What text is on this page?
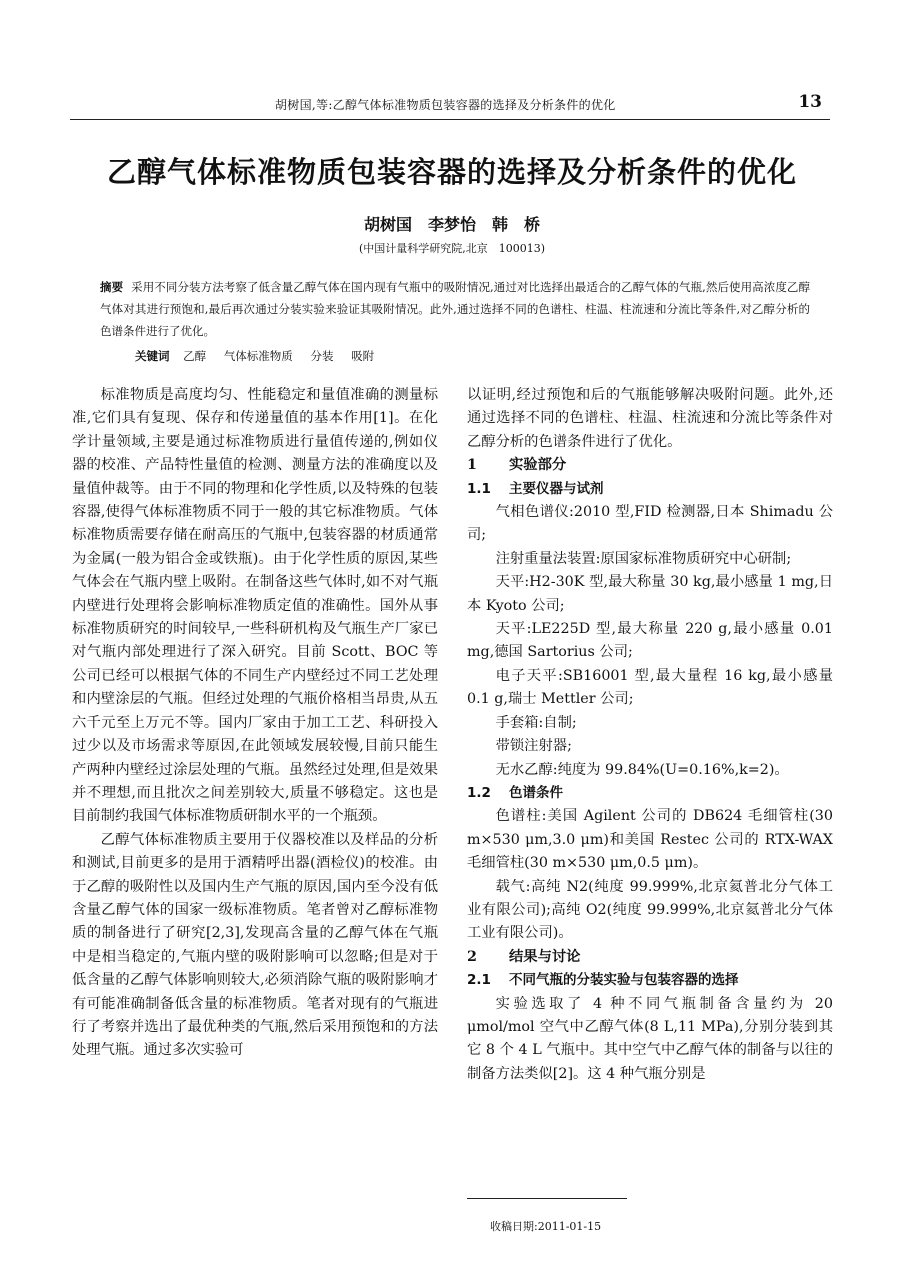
胡树国,等:乙醇气体标准物质包装容器的选择及分析条件的优化	13
乙醇气体标准物质包装容器的选择及分析条件的优化
胡树国　李梦怡　韩　桥
(中国计量科学研究院,北京　100013)
摘要 采用不同分装方法考察了低含量乙醇气体在国内现有气瓶中的吸附情况,通过对比选择出最适合的乙醇气体的气瓶,然后使用高浓度乙醇气体对其进行预饱和,最后再次通过分装实验来验证其吸附情况。此外,通过选择不同的色谱柱、柱温、柱流速和分流比等条件,对乙醇分析的色谱条件进行了优化。
关键词 乙醇 气体标准物质 分装 吸附

标准物质是高度均匀、性能稳定和量值准确的测量标准,它们具有复现、保存和传递量值的基本作用[1]。在化学计量领域,主要是通过标准物质进行量值传递的,例如仪器的校准、产品特性量值的检测、测量方法的准确度以及量值仲裁等。由于不同的物理和化学性质,以及特殊的包装容器,使得气体标准物质不同于一般的其它标准物质。气体标准物质需要存储在耐高压的气瓶中,包装容器的材质通常为金属(一般为铝合金或铁瓶)。由于化学性质的原因,某些气体会在气瓶内壁上吸附。在制备这些气体时,如不对气瓶内壁进行处理将会影响标准物质定值的准确性。国外从事标准物质研究的时间较早,一些科研机构及气瓶生产厂家已对气瓶内部处理进行了深入研究。目前 Scott、BOC 等公司已经可以根据气体的不同生产内壁经过不同工艺处理和内壁涂层的气瓶。但经过处理的气瓶价格相当昂贵,从五六千元至上万元不等。国内厂家由于加工工艺、科研投入过少以及市场需求等原因,在此领域发展较慢,目前只能生产两种内壁经过涂层处理的气瓶。虽然经过处理,但是效果并不理想,而且批次之间差别较大,质量不够稳定。这也是目前制约我国气体标准物质研制水平的一个瓶颈。

乙醇气体标准物质主要用于仪器校准以及样品的分析和测试,目前更多的是用于酒精呼出器(酒检仪)的校准。由于乙醇的吸附性以及国内生产气瓶的原因,国内至今没有低含量乙醇气体的国家一级标准物质。笔者曾对乙醇标准物质的制备进行了研究[2,3],发现高含量的乙醇气体在气瓶中是相当稳定的,气瓶内壁的吸附影响可以忽略;但是对于低含量的乙醇气体影响则较大,必须消除气瓶的吸附影响才有可能准确制备低含量的标准物质。笔者对现有的气瓶进行了考察并选出了最优种类的气瓶,然后采用预饱和的方法处理气瓶。通过多次实验可

以证明,经过预饱和后的气瓶能够解决吸附问题。此外,还通过选择不同的色谱柱、柱温、柱流速和分流比等条件对乙醇分析的色谱条件进行了优化。

1 实验部分

1.1 主要仪器与试剂

气相色谱仪:2010 型,FID 检测器,日本 Shimadu 公司;

注射重量法装置:原国家标准物质研究中心研制;

天平:H2-30K 型,最大称量 30 kg,最小感量 1 mg,日本 Kyoto 公司;

天平:LE225D 型,最大称量 220 g,最小感量 0.01 mg,德国 Sartorius 公司;

电子天平:SB16001 型,最大量程 16 kg,最小感量 0.1 g,瑞士 Mettler 公司;

手套箱:自制;

带锁注射器;

无水乙醇:纯度为 99.84%(U=0.16%,k=2)。

1.2 色谱条件

色谱柱:美国 Agilent 公司的 DB624 毛细管柱(30 m×530 μm,3.0 μm)和美国 Restec 公司的 RTX-WAX 毛细管柱(30 m×530 μm,0.5 μm)。

载气:高纯 N2(纯度 99.999%,北京氦普北分气体工业有限公司);高纯 O2(纯度 99.999%,北京氦普北分气体工业有限公司)。

2 结果与讨论

2.1 不同气瓶的分装实验与包装容器的选择

实验选取了 4 种不同气瓶制备含量约为 20 μmol/mol 空气中乙醇气体(8 L,11 MPa),分别分装到其它 8 个 4 L 气瓶中。其中空气中乙醇气体的制备与以往的制备方法类似[2]。这 4 种气瓶分别是

收稿日期:2011-01-15
